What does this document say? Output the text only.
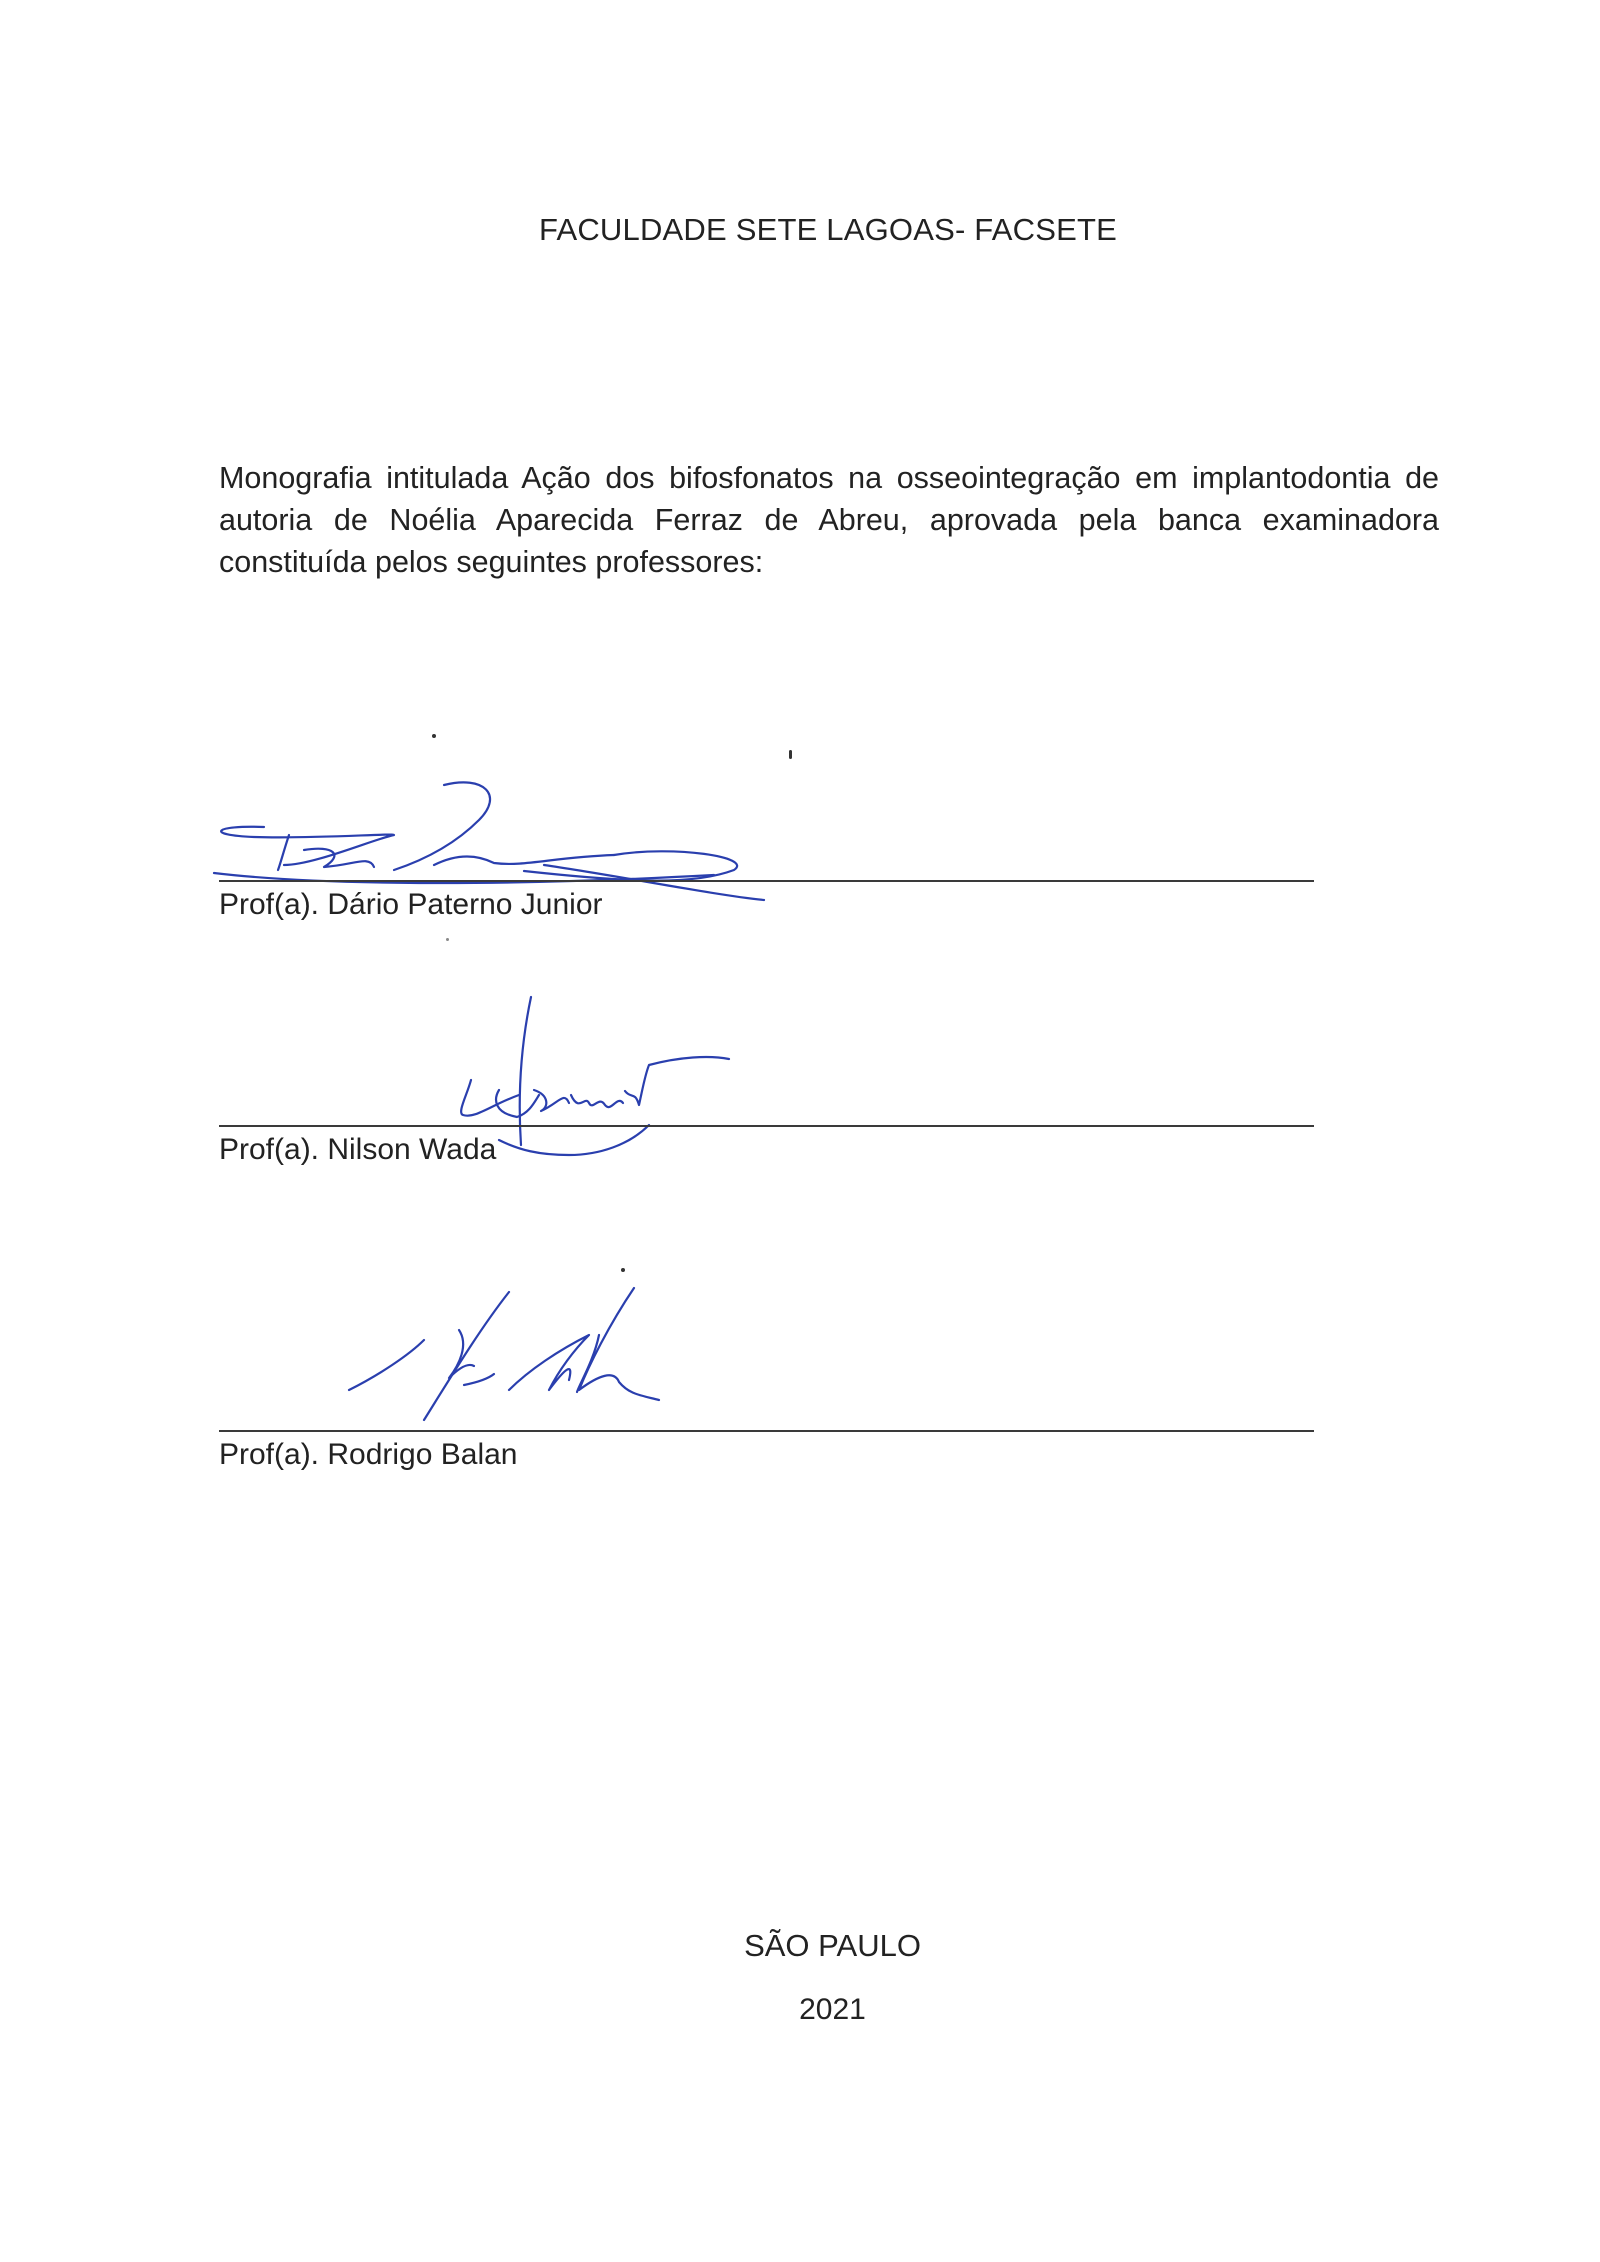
FACULDADE SETE LAGOAS- FACSETE
Monografia intitulada Ação dos bifosfonatos na osseointegração em implantodontia de autoria de Noélia Aparecida Ferraz de Abreu, aprovada pela banca examinadora constituída pelos seguintes professores:
Prof(a). Dário Paterno Junior
Prof(a). Nilson Wada
Prof(a). Rodrigo Balan
SÃO PAULO
2021
